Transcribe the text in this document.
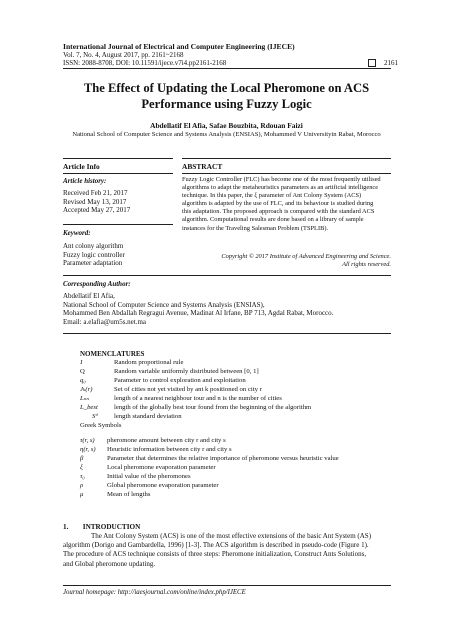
International Journal of Electrical and Computer Engineering (IJECE)
Vol. 7, No. 4, August 2017, pp. 2161~2168
ISSN: 2088-8708, DOI: 10.11591/ijece.v7i4.pp2161-2168	2161
The Effect of Updating the Local Pheromone on ACS
Performance using Fuzzy Logic
Abdellatif El Afia, Safae Bouzbita, Rdouan Faizi
National School of Computer Science and Systems Analysis (ENSIAS), Mohammed V Universityin Rabat, Morocco
Article Info
Article history:
Received Feb 21, 2017
Revised May 13, 2017
Accepted May 27, 2017
Keyword:
Ant colony algorithm
Fuzzy logic controller
Parameter adaptation
ABSTRACT
Fuzzy Logic Controller (FLC) has become one of the most frequently utilised
algorithms to adapt the metaheuristics parameters as an artificial intelligence
technique. In this paper, the ξ parameter of Ant Colony System (ACS)
algorithm is adapted by the use of FLC, and its behaviour is studied during
this adaptation. The proposed approach is compared with the standard ACS
algorithm. Computational results are done based on a library of sample
instances for the Traveling Salesman Problem (TSPLIB).
Copyright © 2017 Institute of Advanced Engineering and Science.
All rights reserved.
Corresponding Author:
Abdellatif El Afia,
National School of Computer Science and Systems Analysis (ENSIAS),
Mohammed Ben Abdallah Regragui Avenue, Madinat Al Irfane, BP 713, Agdal Rabat, Morocco.
Email: a.elafia@um5s.net.ma
NOMENCLATURES
J	Random proportional rule
Q	Random variable uniformly distributed between [0, 1]
q₀	Parameter to control exploration and exploitation
Jₖ(r)	Set of cities not yet visited by ant k positioned on city r
Lₙₙ	length of a nearest neighbour tour and n is the number of cities
L_best	length of the globally best tour found from the beginning of the algorithm
Sᵈ	length standard deviation
Greek Symbols
τ(r, s)	pheromone amount between city r and city s
η(r, s)	Heuristic information between city r and city s
β	Parameter that determines the relative importance of pheromone versus heuristic value
ξ	Local pheromone evaporation parameter
τ₀	Initial value of the pheromones
ρ	Global pheromone evaporation parameter
μ	Mean of lengths
1.  INTRODUCTION
The Ant Colony System (ACS) is one of the most effective extensions of the basic Ant System (AS)
algorithm (Dorigo and Gambardella, 1996) [1-3]. The ACS algorithm is described in pseudo-code (Figure 1).
The procedure of ACS technique consists of three steps: Pheromone initialization, Construct Ants Solutions,
and Global pheromone updating.
Journal homepage: http://iaesjournal.com/online/index.php/IJECE
